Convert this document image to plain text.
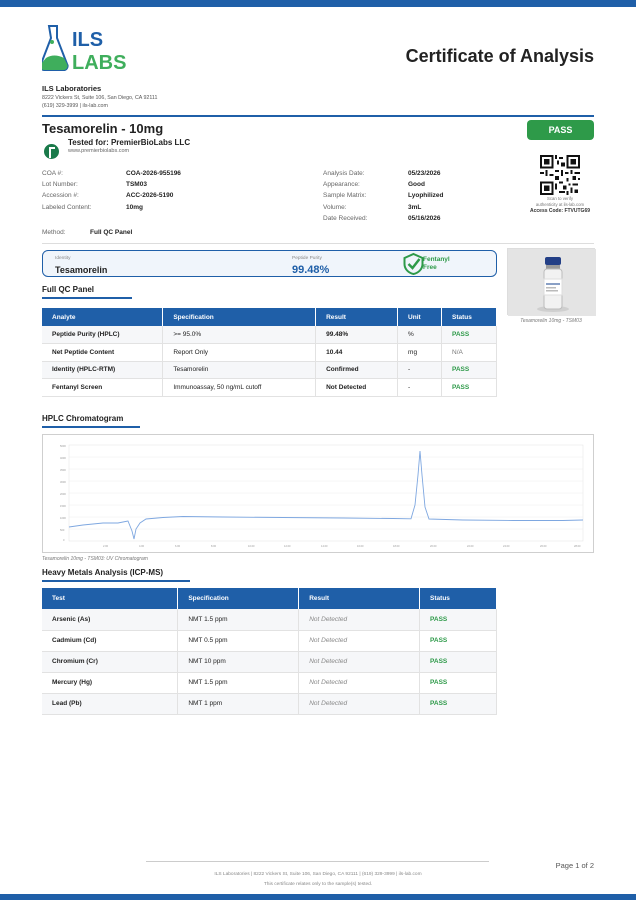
ILS
LABS	Certificate of Analysis
ILS Laboratories
8222 Vickers St, Suite 106, San Diego, CA 92111
(619) 329-3999 | ils-lab.com
Tesamorelin - 10mg	PASS
Tested for: PremierBioLabs LLC
www.premierbiolabs.com
COA #:	COA-2026-955196
Lot Number:	TSM03
Accession #:	ACC-2026-5190
Labeled Content:	10mg
Analysis Date:	05/23/2026
Appearance:	Good
Sample Matrix:	Lyophilized
Volume:	3mL
Date Received:	05/16/2026
Scan to verify
authenticity at ils-lab.com
Access Code: FTVUTG69
Method:	Full QC Panel
Identity
Tesamorelin
Peptide Purity
99.48%
Fentanyl
Free
Tesamorelin 10mg - TSM03
Full QC Panel
Analyte	Specification	Result	Unit	Status
Peptide Purity (HPLC)	>= 95.0%	99.48%	%	PASS
Net Peptide Content	Report Only	10.44	mg	N/A
Identity (HPLC-RTM)	Tesamorelin	Confirmed	-	PASS
Fentanyl Screen	Immunoassay, 50 ng/mL cutoff	Not Detected	-	PASS
HPLC Chromatogram
5000
4000
3500
3000
2000
1500
1000
500
0
2.00	4.00	6.00	8.00	10.00	12.00	14.00	16.00	18.00	20.00	22.00	24.00	26.00	28.00
Tesamorelin 10mg - TSM03: UV Chromatogram
Heavy Metals Analysis (ICP-MS)
Test	Specification	Result	Status
Arsenic (As)	NMT 1.5 ppm	Not Detected	PASS
Cadmium (Cd)	NMT 0.5 ppm	Not Detected	PASS
Chromium (Cr)	NMT 10 ppm	Not Detected	PASS
Mercury (Hg)	NMT 1.5 ppm	Not Detected	PASS
Lead (Pb)	NMT 1 ppm	Not Detected	PASS
Page 1 of 2
ILS Laboratories | 8222 Vickers St, Suite 106, San Diego, CA 92111 | (619) 329-3999 | ils-lab.com
This certificate relates only to the sample(s) tested.
